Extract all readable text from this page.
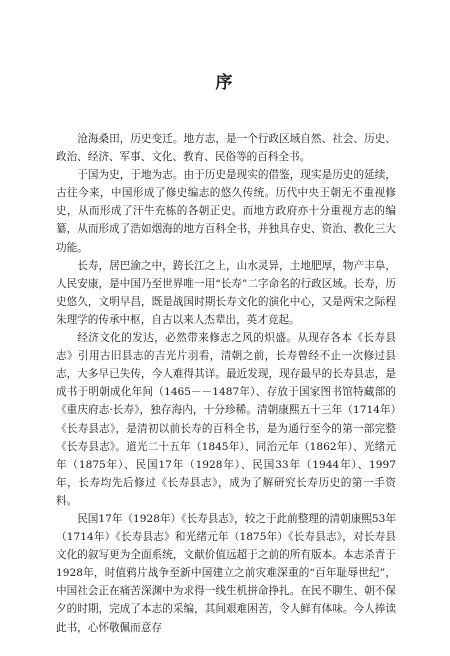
序

沧海桑田，历史变迁。地方志，是一个行政区域自然、社会、历史、政治、经济、军事、文化、教育、民俗等的百科全书。

于国为史，于地为志。由于历史是现实的借鉴，现实是历史的延续，古往今来，中国形成了修史编志的悠久传统。历代中央王朝无不重视修史，从而形成了汗牛充栋的各朝正史。而地方政府亦十分重视方志的编纂，从而形成了浩如烟海的地方百科全书，并独具存史、资治、教化三大功能。

长寿，居巴渝之中，跨长江之上，山水灵异，土地肥厚，物产丰阜，人民安康，是中国乃至世界唯一用“长寿”二字命名的行政区域。长寿，历史悠久，文明早昌，既是战国时期长寿文化的演化中心，又是两宋之际程朱理学的传承中枢，自古以来人杰辈出，英才竞起。

经济文化的发达，必然带来修志之风的炽盛。从现存各本《长寿县志》引用古旧县志的吉光片羽看，清朝之前，长寿曾经不止一次修过县志，大多早已失传，今人难得其详。最近发现，现存最早的长寿县志，是成书于明朝成化年间（1465－－1487年）、存放于国家图书馆特藏部的《重庆府志·长寿》，独存海内，十分珍稀。清朝康熙五十三年（1714年）《长寿县志》，是清初以前长寿的百科全书，是为通行至今的第一部完整《长寿县志》。道光二十五年（1845年）、同治元年（1862年）、光绪元年（1875年）、民国17年（1928年）、民国33年（1944年）、1997年，长寿均先后修过《长寿县志》，成为了解研究长寿历史的第一手资料。

民国17年（1928年）《长寿县志》，较之于此前整理的清朝康熙53年（1714年）《长寿县志》和光绪元年（1875年）《长寿县志》，对长寿县文化的叙写更为全面系统，文献价值远超于之前的所有版本。本志杀青于1928年，时值鸦片战争至新中国建立之前灾难深重的“百年耻辱世纪”，中国社会正在痛苦深渊中为求得一线生机拼命挣扎。在民不聊生、朝不保夕的时期，完成了本志的采编，其间艰难困苦，令人鲜有体味。今人捧读此书，心怀敬佩而意存
